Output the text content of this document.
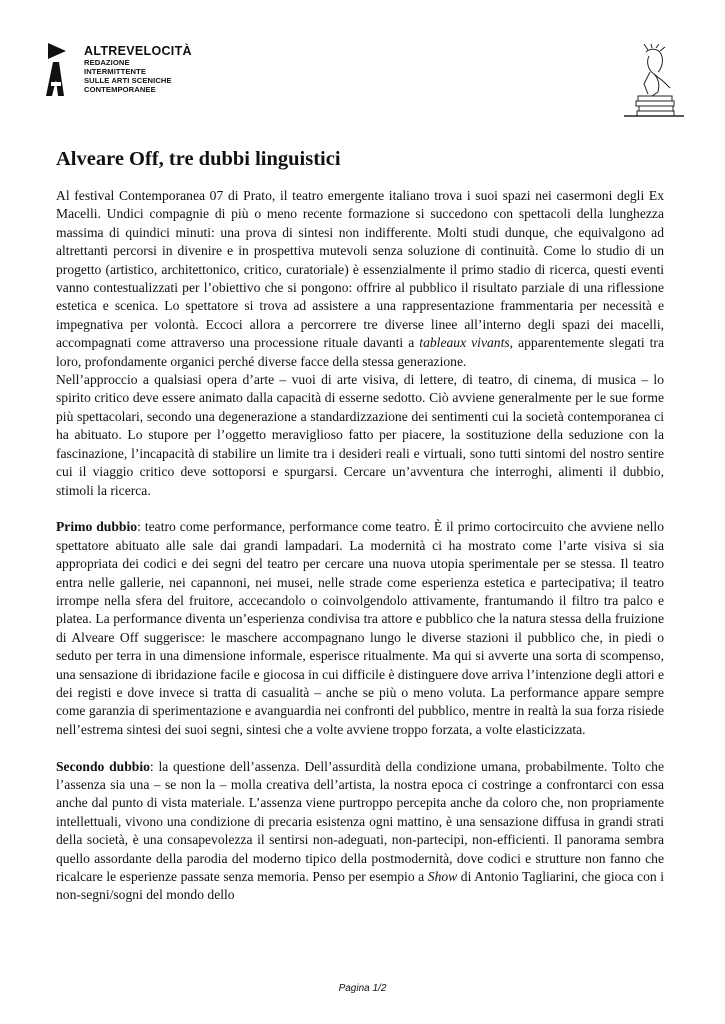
ALTREVELOCITÀ
REDAZIONE
INTERMITTENTE
SULLE ARTI SCENICHE
CONTEMPORANEE
Alveare Off, tre dubbi linguistici

Al festival Contemporanea 07 di Prato, il teatro emergente italiano trova i suoi spazi nei casermoni degli Ex Macelli. Undici compagnie di più o meno recente formazione si succedono con spettacoli della lunghezza massima di quindici minuti: una prova di sintesi non indifferente. Molti studi dunque, che equivalgono ad altrettanti percorsi in divenire e in prospettiva mutevoli senza soluzione di continuità. Come lo studio di un progetto (artistico, architettonico, critico, curatoriale) è essenzialmente il primo stadio di ricerca, questi eventi vanno contestualizzati per l’obiettivo che si pongono: offrire al pubblico il risultato parziale di una riflessione estetica e scenica. Lo spettatore si trova ad assistere a una rappresentazione frammentaria per necessità e impegnativa per volontà. Eccoci allora a percorrere tre diverse linee all’interno degli spazi dei macelli, accompagnati come attraverso una processione rituale davanti a tableaux vivants, apparentemente slegati tra loro, profondamente organici perché diverse facce della stessa generazione.

Nell’approccio a qualsiasi opera d’arte – vuoi di arte visiva, di lettere, di teatro, di cinema, di musica – lo spirito critico deve essere animato dalla capacità di esserne sedotto. Ciò avviene generalmente per le sue forme più spettacolari, secondo una degenerazione a standardizzazione dei sentimenti cui la società contemporanea ci ha abituato. Lo stupore per l’oggetto meraviglioso fatto per piacere, la sostituzione della seduzione con la fascinazione, l’incapacità di stabilire un limite tra i desideri reali e virtuali, sono tutti sintomi del nostro sentire cui il viaggio critico deve sottoporsi e spurgarsi. Cercare un’avventura che interroghi, alimenti il dubbio, stimoli la ricerca.

Primo dubbio: teatro come performance, performance come teatro. È il primo cortocircuito che avviene nello spettatore abituato alle sale dai grandi lampadari. La modernità ci ha mostrato come l’arte visiva si sia appropriata dei codici e dei segni del teatro per cercare una nuova utopia sperimentale per se stessa. Il teatro entra nelle gallerie, nei capannoni, nei musei, nelle strade come esperienza estetica e partecipativa; il teatro irrompe nella sfera del fruitore, accecandolo o coinvolgendolo attivamente, frantumando il filtro tra palco e platea. La performance diventa un’esperienza condivisa tra attore e pubblico che la natura stessa della fruizione di Alveare Off suggerisce: le maschere accompagnano lungo le diverse stazioni il pubblico che, in piedi o seduto per terra in una dimensione informale, esperisce ritualmente. Ma qui si avverte una sorta di scompenso, una sensazione di ibridazione facile e giocosa in cui difficile è distinguere dove arriva l’intenzione degli attori e dei registi e dove invece si tratta di casualità – anche se più o meno voluta. La performance appare sempre come garanzia di sperimentazione e avanguardia nei confronti del pubblico, mentre in realtà la sua forza risiede nell’estrema sintesi dei suoi segni, sintesi che a volte avviene troppo forzata, a volte elasticizzata.

Secondo dubbio: la questione dell’assenza. Dell’assurdità della condizione umana, probabilmente. Tolto che l’assenza sia una – se non la – molla creativa dell’artista, la nostra epoca ci costringe a confrontarci con essa anche dal punto di vista materiale. L’assenza viene purtroppo percepita anche da coloro che, non propriamente intellettuali, vivono una condizione di precaria esistenza ogni mattino, è una sensazione diffusa in grandi strati della società, è una consapevolezza il sentirsi non-adeguati, non-partecipi, non-efficienti. Il panorama sembra quello assordante della parodia del moderno tipico della postmodernità, dove codici e strutture non fanno che ricalcare le esperienze passate senza memoria. Penso per esempio a Show di Antonio Tagliarini, che gioca con i non-segni/sogni del mondo dello

Pagina 1/2
